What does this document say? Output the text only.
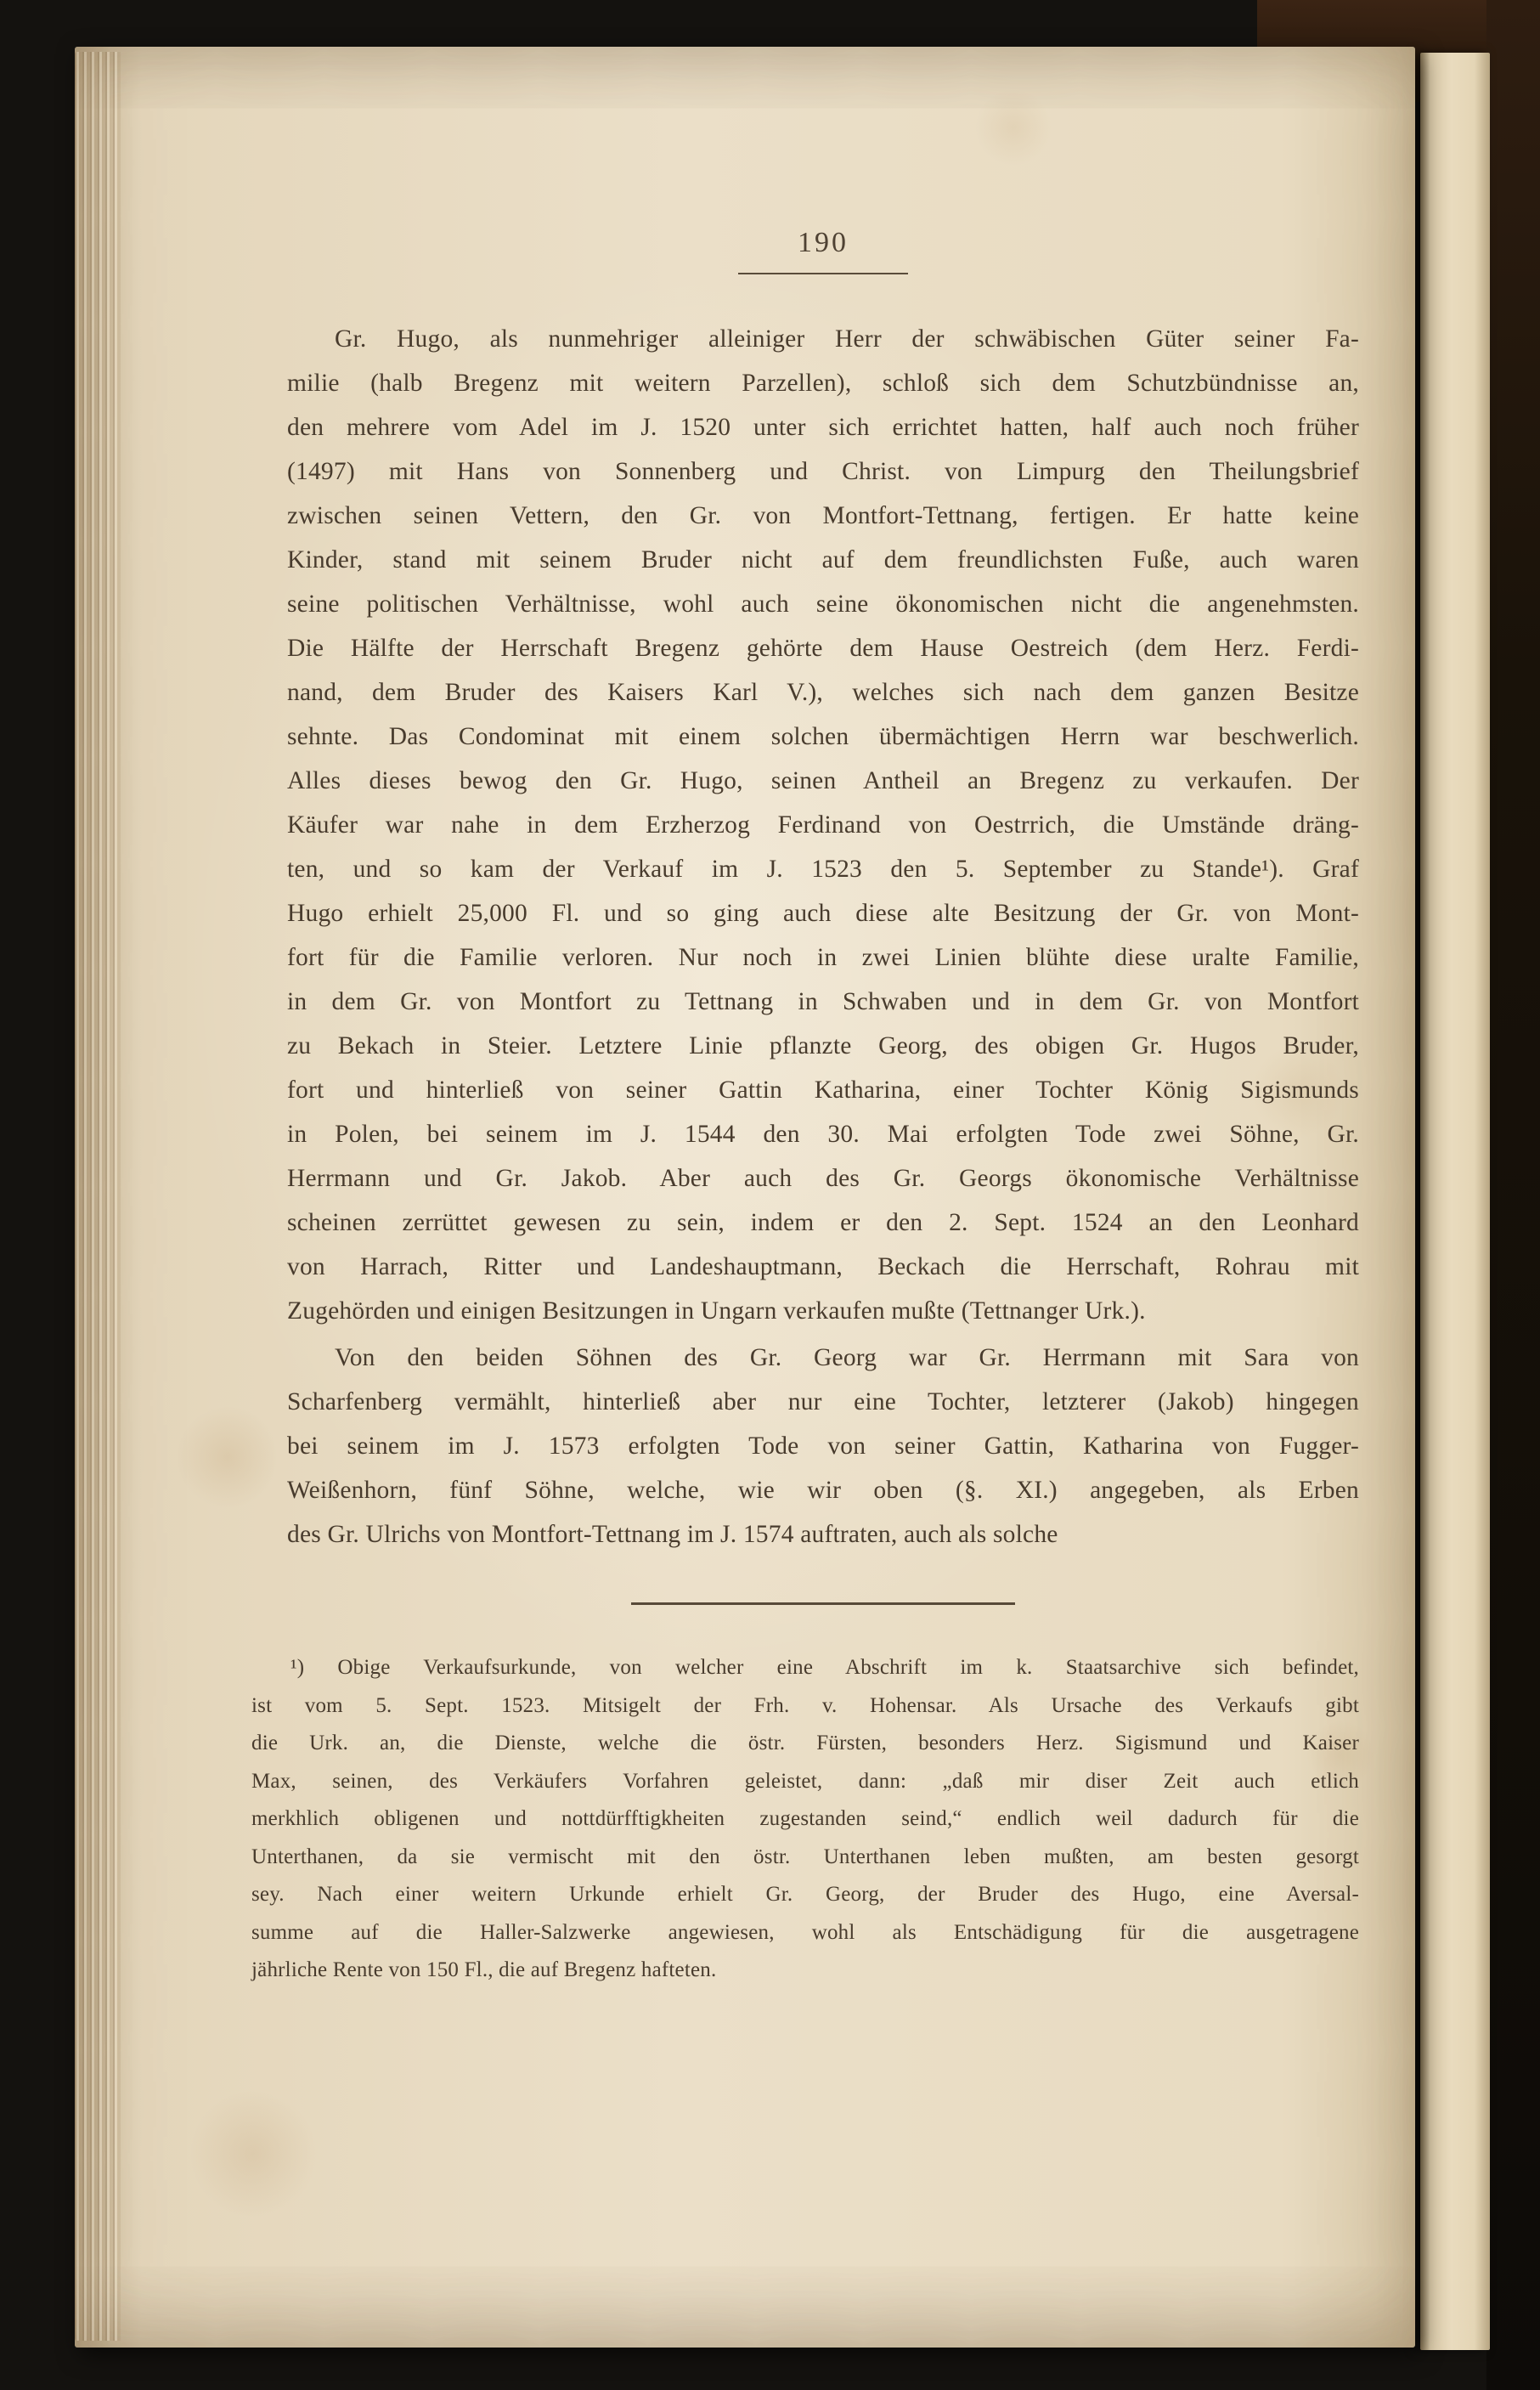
190
Gr. Hugo, als nunmehriger alleiniger Herr der schwäbischen Güter seiner Fa-
milie (halb Bregenz mit weitern Parzellen), schloß sich dem Schutzbündnisse an,
den mehrere vom Adel im J. 1520 unter sich errichtet hatten, half auch noch früher
(1497) mit Hans von Sonnenberg und Christ. von Limpurg den Theilungsbrief
zwischen seinen Vettern, den Gr. von Montfort-Tettnang, fertigen. Er hatte keine
Kinder, stand mit seinem Bruder nicht auf dem freundlichsten Fuße, auch waren
seine politischen Verhältnisse, wohl auch seine ökonomischen nicht die angenehmsten.
Die Hälfte der Herrschaft Bregenz gehörte dem Hause Oestreich (dem Herz. Ferdi-
nand, dem Bruder des Kaisers Karl V.), welches sich nach dem ganzen Besitze
sehnte. Das Condominat mit einem solchen übermächtigen Herrn war beschwerlich.
Alles dieses bewog den Gr. Hugo, seinen Antheil an Bregenz zu verkaufen. Der
Käufer war nahe in dem Erzherzog Ferdinand von Oestrrich, die Umstände dräng-
ten, und so kam der Verkauf im J. 1523 den 5. September zu Stande¹). Graf
Hugo erhielt 25,000 Fl. und so ging auch diese alte Besitzung der Gr. von Mont-
fort für die Familie verloren. Nur noch in zwei Linien blühte diese uralte Familie,
in dem Gr. von Montfort zu Tettnang in Schwaben und in dem Gr. von Montfort
zu Bekach in Steier. Letztere Linie pflanzte Georg, des obigen Gr. Hugos Bruder,
fort und hinterließ von seiner Gattin Katharina, einer Tochter König Sigismunds
in Polen, bei seinem im J. 1544 den 30. Mai erfolgten Tode zwei Söhne, Gr.
Herrmann und Gr. Jakob. Aber auch des Gr. Georgs ökonomische Verhältnisse
scheinen zerrüttet gewesen zu sein, indem er den 2. Sept. 1524 an den Leonhard
von Harrach, Ritter und Landeshauptmann, Beckach die Herrschaft, Rohrau mit
Zugehörden und einigen Besitzungen in Ungarn verkaufen mußte (Tettnanger Urk.).
Von den beiden Söhnen des Gr. Georg war Gr. Herrmann mit Sara von
Scharfenberg vermählt, hinterließ aber nur eine Tochter, letzterer (Jakob) hingegen
bei seinem im J. 1573 erfolgten Tode von seiner Gattin, Katharina von Fugger-
Weißenhorn, fünf Söhne, welche, wie wir oben (§. XI.) angegeben, als Erben
des Gr. Ulrichs von Montfort-Tettnang im J. 1574 auftraten, auch als solche
¹) Obige Verkaufsurkunde, von welcher eine Abschrift im k. Staatsarchive sich befindet,
ist vom 5. Sept. 1523. Mitsigelt der Frh. v. Hohensar. Als Ursache des Verkaufs gibt
die Urk. an, die Dienste, welche die östr. Fürsten, besonders Herz. Sigismund und Kaiser
Max, seinen, des Verkäufers Vorfahren geleistet, dann: „daß mir diser Zeit auch etlich
merkhlich obligenen und nottdürfftigkheiten zugestanden seind,“ endlich weil dadurch für die
Unterthanen, da sie vermischt mit den östr. Unterthanen leben mußten, am besten gesorgt
sey. Nach einer weitern Urkunde erhielt Gr. Georg, der Bruder des Hugo, eine Aversal-
summe auf die Haller-Salzwerke angewiesen, wohl als Entschädigung für die ausgetragene
jährliche Rente von 150 Fl., die auf Bregenz hafteten.
